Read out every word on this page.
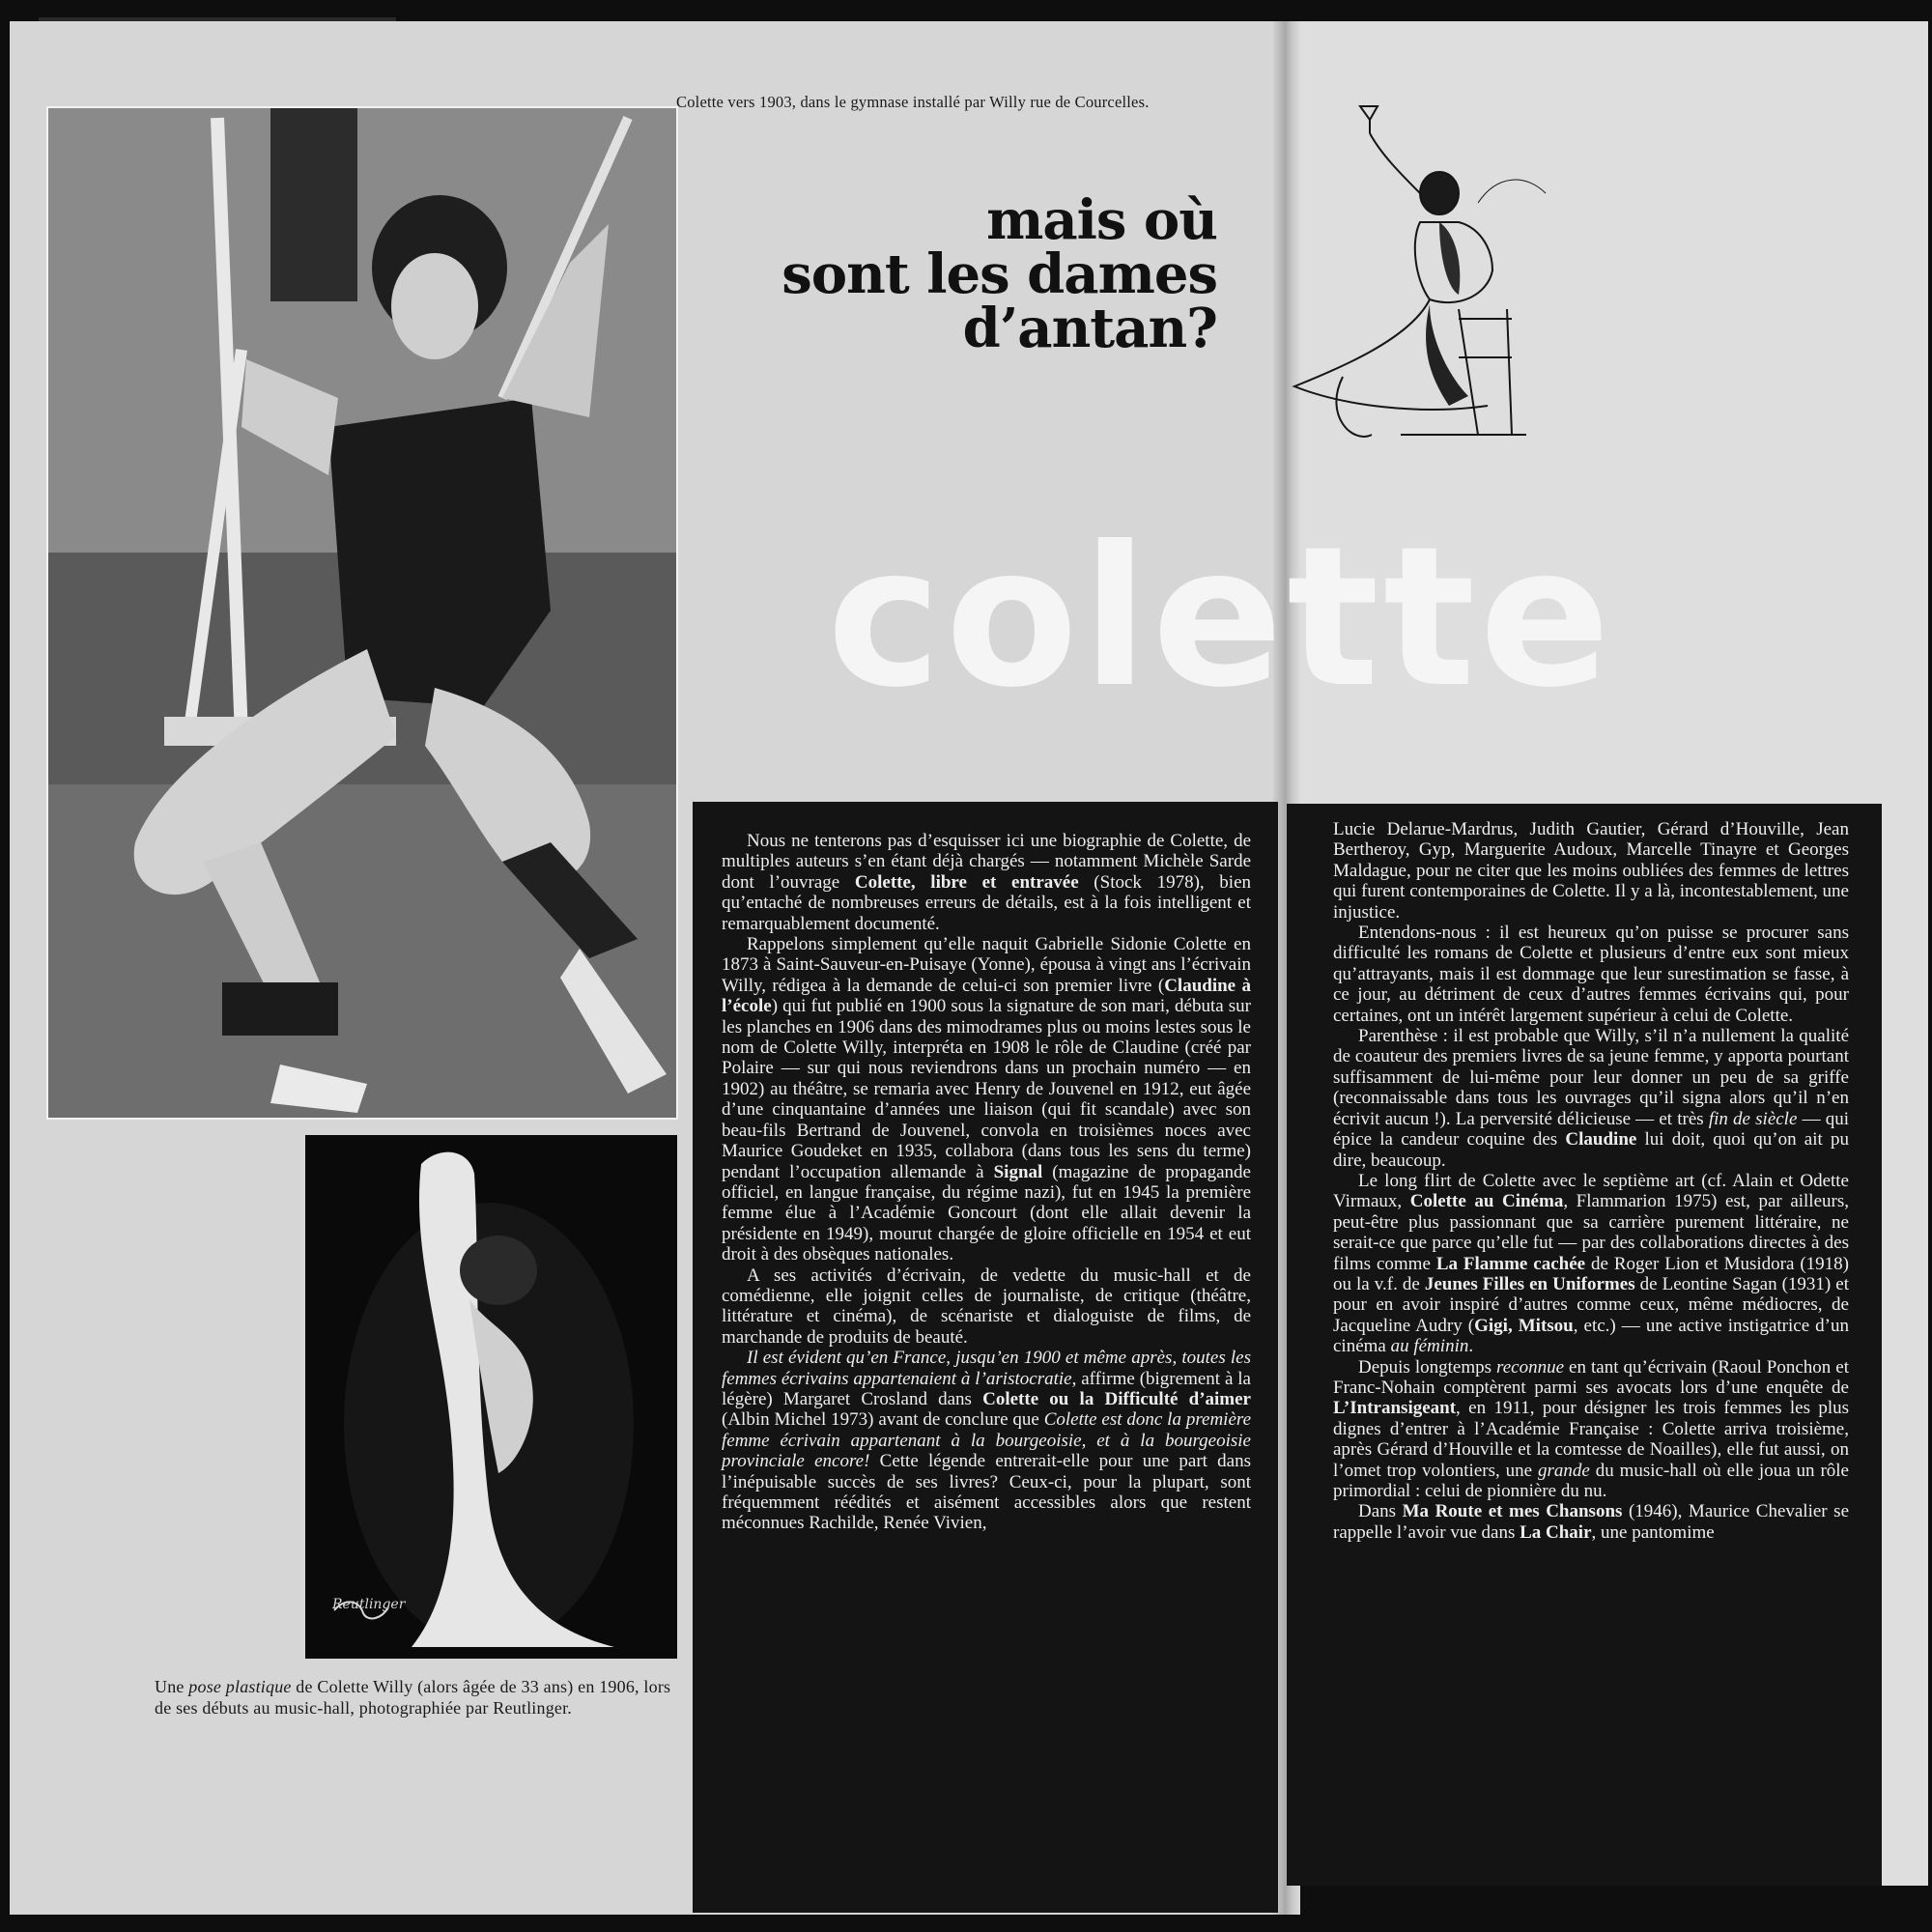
Reutlinger
Colette vers 1903, dans le gymnase installé par Willy rue de Courcelles.
Une pose plastique de Colette Willy (alors âgée de 33 ans) en 1906, lors de ses débuts au music-hall, photographiée par Reutlinger.
mais où
sont les dames
d’antan?
colette

Nous ne tenterons pas d’esquisser ici une biographie de Colette, de multiples auteurs s’en étant déjà chargés — notamment Michèle Sarde dont l’ouvrage Colette, libre et entravée (Stock 1978), bien qu’entaché de nombreuses erreurs de détails, est à la fois intelligent et remarquablement documenté.

Rappelons simplement qu’elle naquit Gabrielle Sidonie Colette en 1873 à Saint-Sauveur-en-Puisaye (Yonne), épousa à vingt ans l’écrivain Willy, rédigea à la demande de celui-ci son premier livre (Claudine à l’école) qui fut publié en 1900 sous la signature de son mari, débuta sur les planches en 1906 dans des mimodrames plus ou moins lestes sous le nom de Colette Willy, interpréta en 1908 le rôle de Claudine (créé par Polaire — sur qui nous reviendrons dans un prochain numéro — en 1902) au théâtre, se remaria avec Henry de Jouvenel en 1912, eut âgée d’une cinquantaine d’années une liaison (qui fit scandale) avec son beau-fils Bertrand de Jouvenel, convola en troisièmes noces avec Maurice Goudeket en 1935, collabora (dans tous les sens du terme) pendant l’occupation allemande à Signal (magazine de propagande officiel, en langue française, du régime nazi), fut en 1945 la première femme élue à l’Académie Goncourt (dont elle allait devenir la présidente en 1949), mourut chargée de gloire officielle en 1954 et eut droit à des obsèques nationales.

A ses activités d’écrivain, de vedette du music-hall et de comédienne, elle joignit celles de journaliste, de critique (théâtre, littérature et cinéma), de scénariste et dialoguiste de films, de marchande de produits de beauté.

Il est évident qu’en France, jusqu’en 1900 et même après, toutes les femmes écrivains appartenaient à l’aristocratie, affirme (bigrement à la légère) Margaret Crosland dans Colette ou la Difficulté d’aimer (Albin Michel 1973) avant de conclure que Colette est donc la première femme écrivain appartenant à la bourgeoisie, et à la bourgeoisie provinciale encore! Cette légende entrerait-elle pour une part dans l’inépuisable succès de ses livres? Ceux-ci, pour la plupart, sont fréquemment réédités et aisément accessibles alors que restent méconnues Rachilde, Renée Vivien,

Lucie Delarue-Mardrus, Judith Gautier, Gérard d’Houville, Jean Bertheroy, Gyp, Marguerite Audoux, Marcelle Tinayre et Georges Maldague, pour ne citer que les moins oubliées des femmes de lettres qui furent contemporaines de Colette. Il y a là, incontestablement, une injustice.

Entendons-nous : il est heureux qu’on puisse se procurer sans difficulté les romans de Colette et plusieurs d’entre eux sont mieux qu’attrayants, mais il est dommage que leur surestimation se fasse, à ce jour, au détriment de ceux d’autres femmes écrivains qui, pour certaines, ont un intérêt largement supérieur à celui de Colette.

Parenthèse : il est probable que Willy, s’il n’a nullement la qualité de coauteur des premiers livres de sa jeune femme, y apporta pourtant suffisamment de lui-même pour leur donner un peu de sa griffe (reconnaissable dans tous les ouvrages qu’il signa alors qu’il n’en écrivit aucun !). La perversité délicieuse — et très fin de siècle — qui épice la candeur coquine des Claudine lui doit, quoi qu’on ait pu dire, beaucoup.

Le long flirt de Colette avec le septième art (cf. Alain et Odette Virmaux, Colette au Cinéma, Flammarion 1975) est, par ailleurs, peut-être plus passionnant que sa carrière purement littéraire, ne serait-ce que parce qu’elle fut — par des collaborations directes à des films comme La Flamme cachée de Roger Lion et Musidora (1918) ou la v.f. de Jeunes Filles en Uniformes de Leontine Sagan (1931) et pour en avoir inspiré d’autres comme ceux, même médiocres, de Jacqueline Audry (Gigi, Mitsou, etc.) — une active instigatrice d’un cinéma au féminin.

Depuis longtemps reconnue en tant qu’écrivain (Raoul Ponchon et Franc-Nohain comptèrent parmi ses avocats lors d’une enquête de L’Intransigeant, en 1911, pour désigner les trois femmes les plus dignes d’entrer à l’Académie Française : Colette arriva troisième, après Gérard d’Houville et la comtesse de Noailles), elle fut aussi, on l’omet trop volontiers, une grande du music-hall où elle joua un rôle primordial : celui de pionnière du nu.

Dans Ma Route et mes Chansons (1946), Maurice Chevalier se rappelle l’avoir vue dans La Chair, une pantomime
